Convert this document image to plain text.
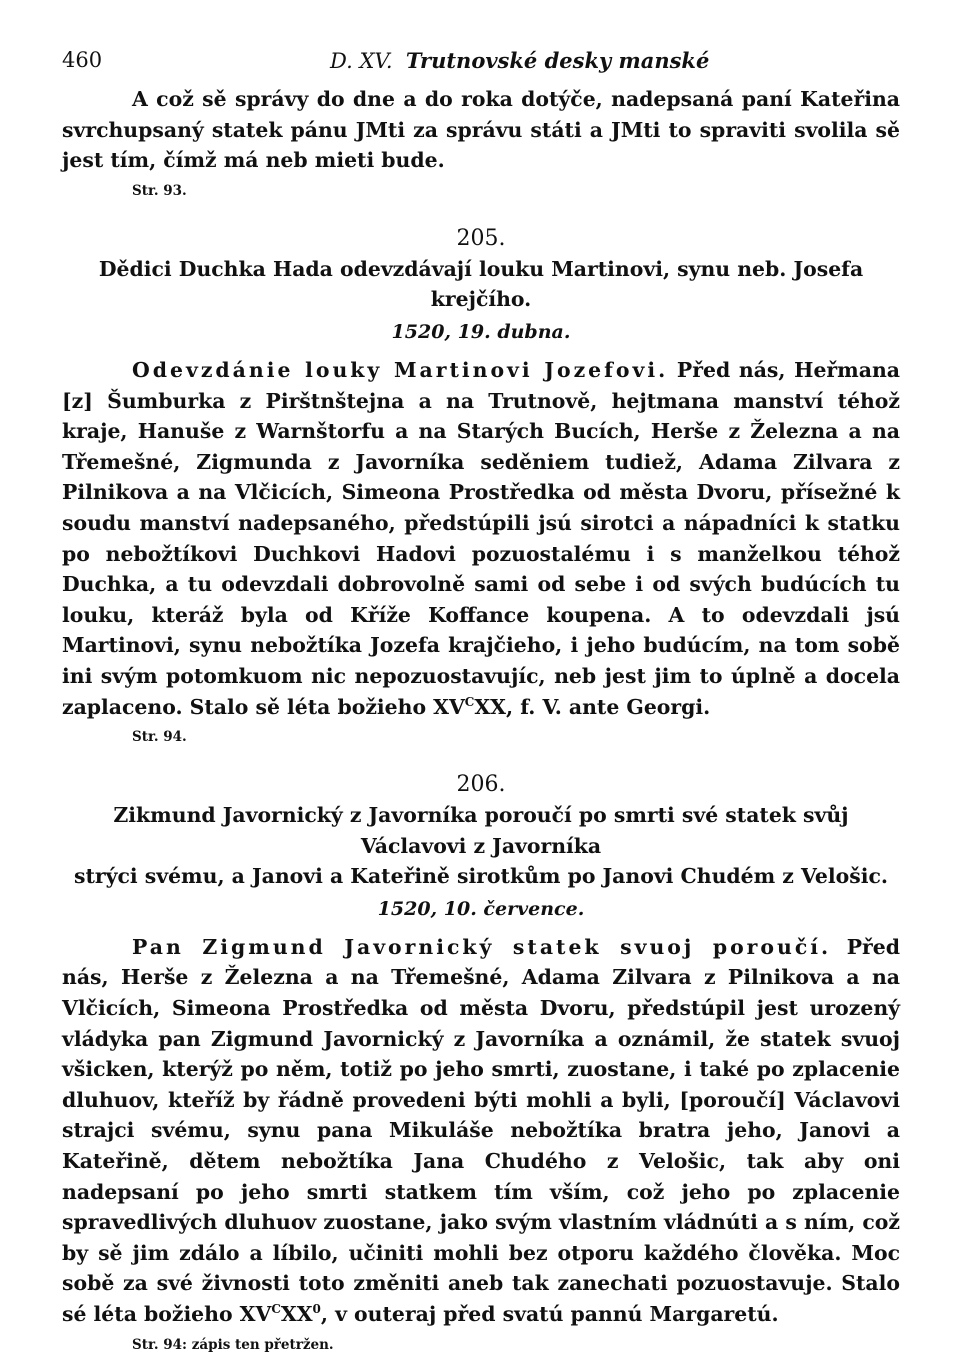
460	D. XV. Trutnovské desky manské

A což sě správy do dne a do roka dotýče, nadepsaná paní Kateřina svrchupsaný statek pánu JMti za správu státi a JMti to spraviti svolila sě jest tím, čímž má neb mieti bude.

Str. 93.
205.
Dědici Duchka Hada odevzdávají louku Martinovi, synu neb. Josefa krejčího.
1520, 19. dubna.

Odevzdánie louky Martinovi Jozefovi. Před nás, Heřmana [z] Šumburka z Pirštnštejna a na Trutnově, hejtmana manství téhož kraje, Hanuše z Warnštorfu a na Starých Bucích, Herše z Železna a na Třemešné, Zigmunda z Javorníka seděniem tudiež, Adama Zilvara z Pilnikova a na Vlčicích, Simeona Prostředka od města Dvoru, přísežné k soudu manství nadepsaného, předstúpili jsú sirotci a nápadníci k statku po nebožtíkovi Duchkovi Hadovi pozuostalému i s manželkou téhož Duchka, a tu odevzdali dobrovolně sami od sebe i od svých budúcích tu louku, kteráž byla od Kříže Koffance koupena. A to odevzdali jsú Martinovi, synu nebožtíka Jozefa krajčieho, i jeho budúcím, na tom sobě ini svým potomkuom nic nepozuostavujíc, neb jest jim to úplně a docela zaplaceno. Stalo sě léta božieho $XV^CXX$, f. V. ante Georgi.

Str. 94.
206.
Zikmund Javornický z Javorníka poroučí po smrti své statek svůj Václavovi z Javorníka
strýci svému, a Janovi a Kateřině sirotkům po Janovi Chudém z Velošic.
1520, 10. července.

Pan Zigmund Javornický statek svuoj poroučí. Před nás, Herše z Železna a na Třemešné, Adama Zilvara z Pilnikova a na Vlčicích, Simeona Prostředka od města Dvoru, předstúpil jest urozený vládyka pan Zigmund Javornický z Javorníka a oznámil, že statek svuoj všicken, kterýž po něm, totiž po jeho smrti, zuostane, i také po zplacenie dluhuov, kteříž by řádně provedeni býti mohli a byli, [poroučí] Václavovi strajci svému, synu pana Mikuláše nebožtíka bratra jeho, Janovi a Kateřině, dětem nebožtíka Jana Chudého z Velošic, tak aby oni nadepsaní po jeho smrti statkem tím vším, což jeho po zplacenie spravedlivých dluhuov zuostane, jako svým vlastním vládnúti a s ním, což by sě jim zdálo a líbilo, učiniti mohli bez otporu každého člověka. Moc sobě za své živnosti toto změniti aneb tak zanechati pozuostavuje. Stalo sé léta božieho $XV^CXX^0$, v outeraj před svatú pannú Margaretú.

Str. 94: zápis ten přetržen.
